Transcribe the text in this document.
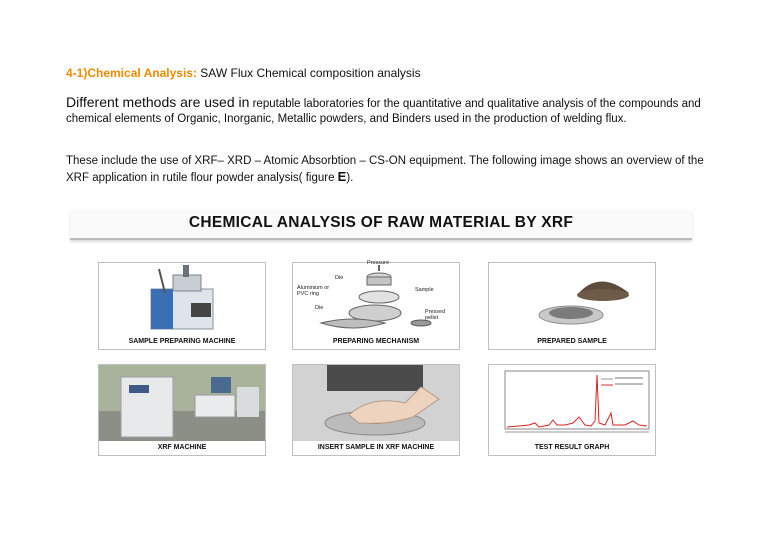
4-1)Chemical Analysis: SAW Flux Chemical composition analysis
Different methods are used in reputable laboratories for the quantitative and qualitative analysis of the compounds and chemical elements of Organic, Inorganic, Metallic powders, and Binders used in the production of welding flux.
These include the use of XRF– XRD – Atomic Absorbtion – CS-ON equipment. The following image shows an overview of the XRF application in rutile flour powder analysis( figure E).
CHEMICAL ANALYSIS OF RAW MATERIAL BY XRF
SAMPLE PREPARING MACHINE
Pressure
Die
Aluminium or PVC ring
Sample
Die
Pressed pellet
PREPARING MECHANISM	PREPARED SAMPLE
XRF MACHINE	INSERT SAMPLE IN XRF MACHINE	TEST RESULT GRAPH
